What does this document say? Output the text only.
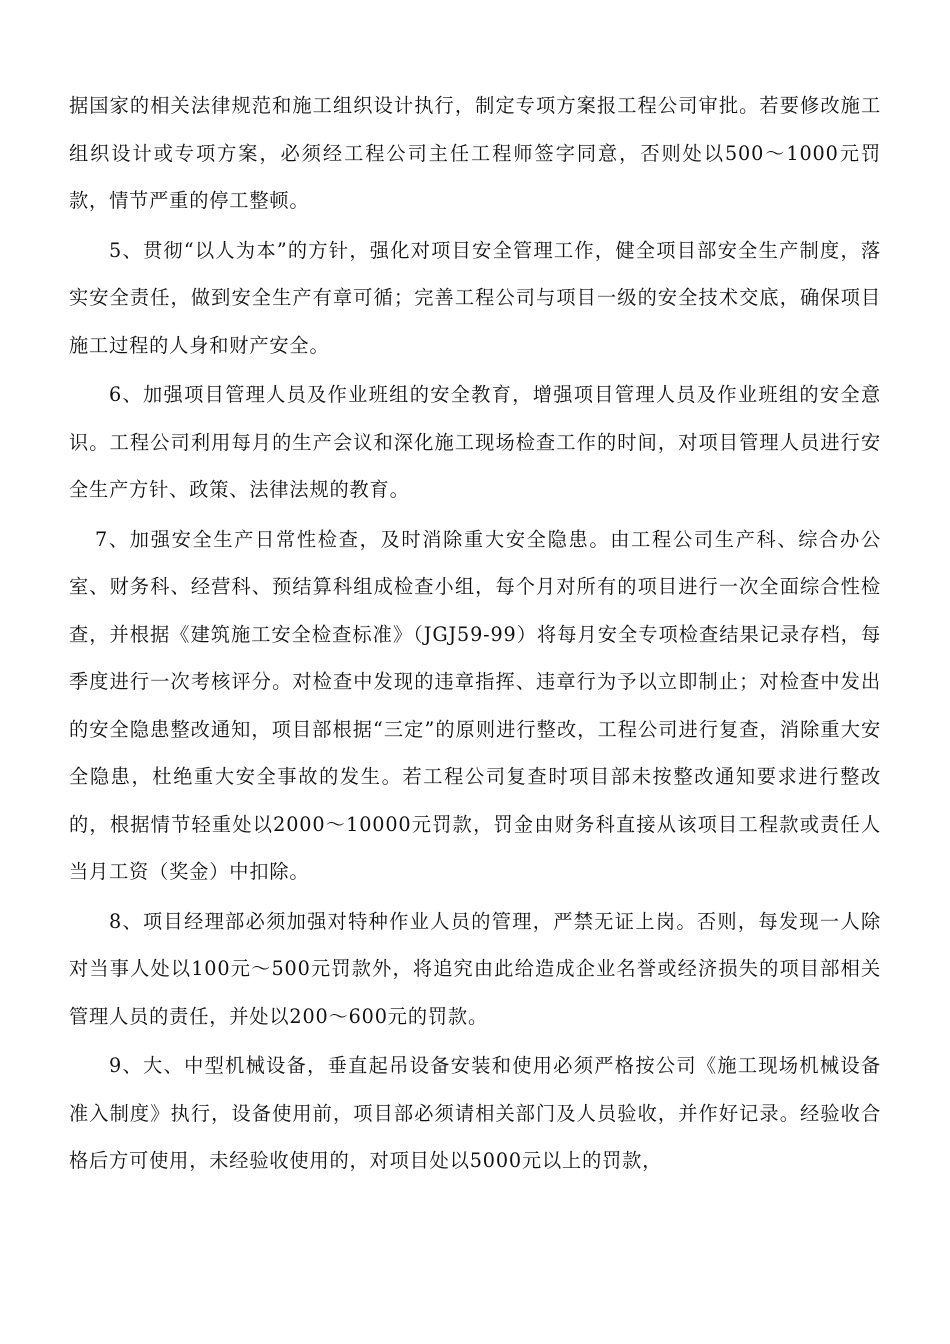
据国家的相关法律规范和施工组织设计执行，制定专项方案报工程公司审批。若要修改施工组织设计或专项方案，必须经工程公司主任工程师签字同意，否则处以500～1000元罚款，情节严重的停工整顿。

5、贯彻“以人为本”的方针，强化对项目安全管理工作，健全项目部安全生产制度，落实安全责任，做到安全生产有章可循；完善工程公司与项目一级的安全技术交底，确保项目施工过程的人身和财产安全。

6、加强项目管理人员及作业班组的安全教育，增强项目管理人员及作业班组的安全意识。工程公司利用每月的生产会议和深化施工现场检查工作的时间，对项目管理人员进行安全生产方针、政策、法律法规的教育。

7、加强安全生产日常性检查，及时消除重大安全隐患。由工程公司生产科、综合办公室、财务科、经营科、预结算科组成检查小组，每个月对所有的项目进行一次全面综合性检查，并根据《建筑施工安全检查标准》（JGJ59-99）将每月安全专项检查结果记录存档，每季度进行一次考核评分。对检查中发现的违章指挥、违章行为予以立即制止；对检查中发出的安全隐患整改通知，项目部根据“三定”的原则进行整改，工程公司进行复查，消除重大安全隐患，杜绝重大安全事故的发生。若工程公司复查时项目部未按整改通知要求进行整改的，根据情节轻重处以2000～10000元罚款，罚金由财务科直接从该项目工程款或责任人当月工资（奖金）中扣除。

8、项目经理部必须加强对特种作业人员的管理，严禁无证上岗。否则，每发现一人除对当事人处以100元～500元罚款外，将追究由此给造成企业名誉或经济损失的项目部相关管理人员的责任，并处以200～600元的罚款。

9、大、中型机械设备，垂直起吊设备安装和使用必须严格按公司《施工现场机械设备准入制度》执行，设备使用前，项目部必须请相关部门及人员验收，并作好记录。经验收合格后方可使用，未经验收使用的，对项目处以5000元以上的罚款，
